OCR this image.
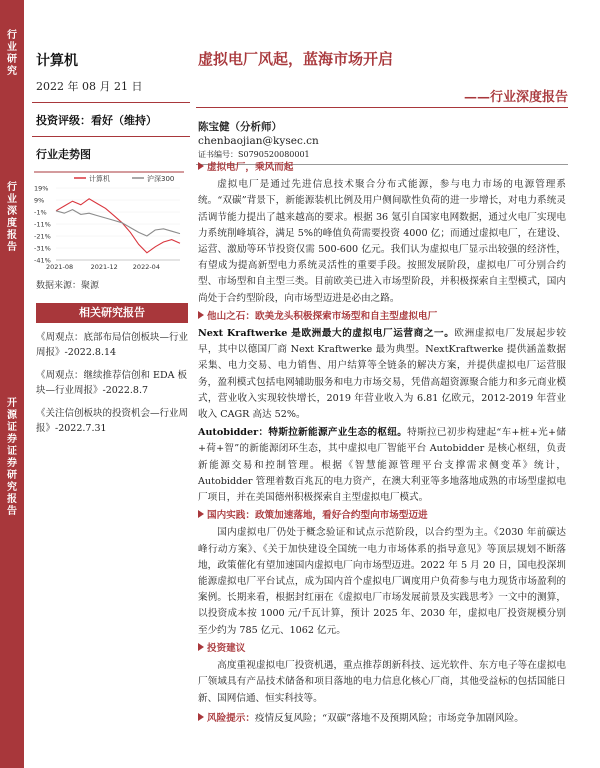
行业研究
行业深度报告
开源证券证券研究报告
计算机
2022 年 08 月 21 日
虚拟电厂风起，蓝海市场开启
——行业深度报告
投资评级：看好（维持）
行业走势图
计算机	沪深300
19%
9%
-1%
-11%
-21%
-31%
-41%
2021-08	2021-12 2022-04
数据来源：聚源
相关研究报告
《周观点：底部布局信创板块—行业周报》-2022.8.14
《周观点：继续推荐信创和 EDA 板块—行业周报》-2022.8.7
《关注信创板块的投资机会—行业周报》-2022.7.31
陈宝健（分析师）
chenbaojian@kysec.cn
证书编号：S0790520080001
虚拟电厂，乘风而起

虚拟电厂是通过先进信息技术聚合分布式能源，参与电力市场的电源管理系统。“双碳”背景下，新能源装机比例及用户侧间歇性负荷的进一步增长，对电力系统灵活调节能力提出了越来越高的要求。根据 36 氪引自国家电网数据，通过火电厂实现电力系统削峰填谷，满足 5%的峰值负荷需要投资 4000 亿；而通过虚拟电厂，在建设、运营、激励等环节投资仅需 500-600 亿元。我们认为虚拟电厂显示出较强的经济性，有望成为提高新型电力系统灵活性的重要手段。按照发展阶段，虚拟电厂可分别合约型、市场型和自主型三类。目前欧美已进入市场型阶段，并积极探索自主型模式，国内尚处于合约型阶段，向市场型迈进是必由之路。

他山之石：欧美龙头积极探索市场型和自主型虚拟电厂

Next Kraftwerke 是欧洲最大的虚拟电厂运营商之一。欧洲虚拟电厂发展起步较早，其中以德国厂商 Next Kraftwerke 最为典型。NextKraftwerke 提供涵盖数据采集、电力交易、电力销售、用户结算等全链条的解决方案，并提供虚拟电厂运营服务，盈利模式包括电网辅助服务和电力市场交易，凭借高超资源聚合能力和多元商业模式，营业收入实现较快增长，2019 年营业收入为 6.81 亿欧元，2012-2019 年营业收入 CAGR 高达 52%。

Autobidder：特斯拉新能源产业生态的枢纽。特斯拉已初步构建起“车+桩+光+储+荷+智”的新能源闭环生态，其中虚拟电厂智能平台 Autobidder 是核心枢纽，负责新能源交易和控制管理。根据《智慧能源管理平台支撑需求侧变革》统计，Autobidder 管理着数百兆瓦的电力资产，在澳大利亚等多地落地成熟的市场型虚拟电厂项目，并在美国德州积极探索自主型虚拟电厂模式。

国内实践：政策加速落地，看好合约型向市场型迈进

国内虚拟电厂仍处于概念验证和试点示范阶段，以合约型为主。《2030 年前碳达峰行动方案》、《关于加快建设全国统一电力市场体系的指导意见》等顶层规划不断落地，政策催化有望加速国内虚拟电厂向市场型迈进。2022 年 5 月 20 日，国电投深圳能源虚拟电厂平台试点，成为国内首个虚拟电厂调度用户负荷参与电力现货市场盈利的案例。长期来看，根据封红丽在《虚拟电厂市场发展前景及实践思考》一文中的测算，以投资成本按 1000 元/千瓦计算，预计 2025 年、2030 年，虚拟电厂投资规模分别至少约为 785 亿元、1062 亿元。

投资建议

高度重视虚拟电厂投资机遇，重点推荐朗新科技、远光软件、东方电子等在虚拟电厂领域具有产品技术储备和项目落地的电力信息化核心厂商，其他受益标的包括国能日新、国网信通、恒实科技等。

风险提示：疫情反复风险；“双碳”落地不及预期风险；市场竞争加剧风险。
